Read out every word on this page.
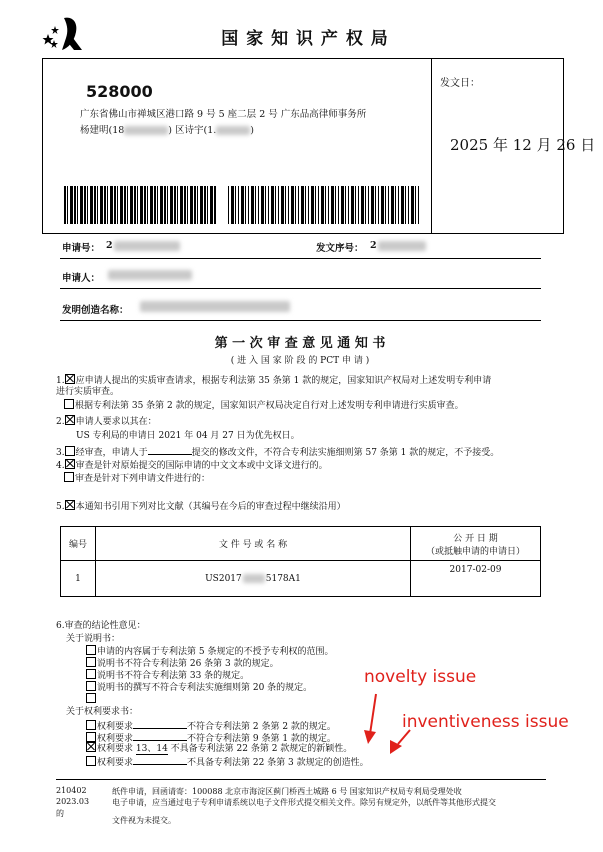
国 家 知 识 产 权 局
528000
广东省佛山市禅城区港口路 9 号 5 座二层 2 号 广东品高律师事务所
杨建明(18	) 区诗宇(1.	)
发文日：
2025 年 12 月 26 日
申请号： 2	发文序号： 2
申请人：
发明创造名称：
第 一 次 审 查 意 见 通 知 书
( 进 入 国 家 阶 段 的 PCT 申 请 )
1. 应申请人提出的实质审查请求，根据专利法第 35 条第 1 款的规定，国家知识产权局对上述发明专利申请
进行实质审查。
根据专利法第 35 条第 2 款的规定，国家知识产权局决定自行对上述发明专利申请进行实质审查。
2. 申请人要求以其在：
US 专利局的申请日 2021 年 04 月 27 日为优先权日。
3. 经审查，申请人于	提交的修改文件，不符合专利法实施细则第 57 条第 1 款的规定，不予接受。
4. 审查是针对原始提交的国际申请的中文文本或中文译文进行的。
审查是针对下列申请文件进行的：
5. 本通知书引用下列对比文献（其编号在今后的审查过程中继续沿用）
编号	文 件 号 或 名 称	公 开 日 期
（或抵触申请的申请日）

1	US2017 5178A1	2017-02-09
6.审查的结论性意见：
关于说明书：
申请的内容属于专利法第 5 条规定的不授予专利权的范围。
说明书不符合专利法第 26 条第 3 款的规定。
说明书不符合专利法第 33 条的规定。
说明书的撰写不符合专利法实施细则第 20 条的规定。
关于权利要求书：
权利要求	不符合专利法第 2 条第 2 款的规定。
权利要求	不符合专利法第 9 条第 1 款的规定。
权利要求 13、14 不具备专利法第 22 条第 2 款规定的新颖性。
权利要求	不具备专利法第 22 条第 3 款规定的创造性。
novelty issue
inventiveness issue
210402
2023.03
的
纸件申请，回函请寄：100088 北京市海淀区蓟门桥西土城路 6 号 国家知识产权局专利局受理处收
电子申请，应当通过电子专利申请系统以电子文件形式提交相关文件。除另有规定外，以纸件等其他形式提交
文件视为未提交。
